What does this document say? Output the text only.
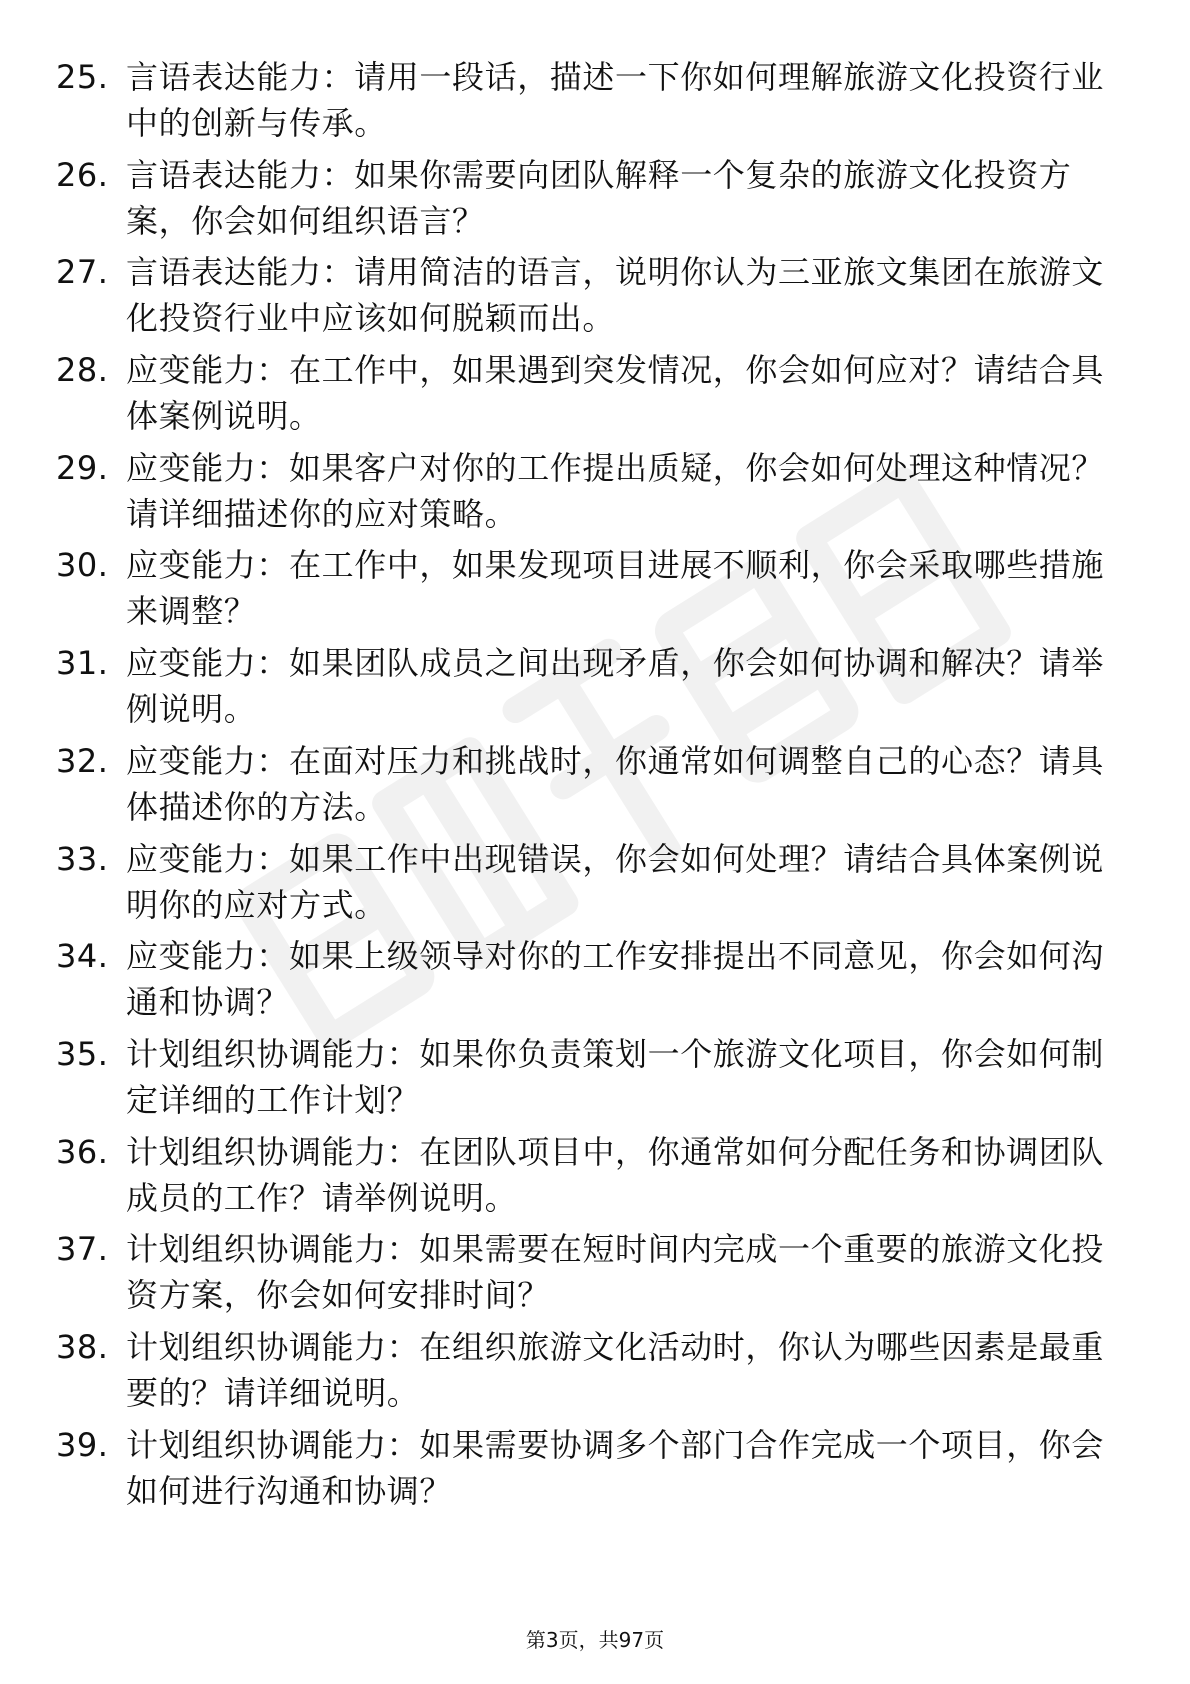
25. 言语表达能力：请用一段话，描述一下你如何理解旅游文化投资行业中的创新与传承。
26. 言语表达能力：如果你需要向团队解释一个复杂的旅游文化投资方案，你会如何组织语言？
27. 言语表达能力：请用简洁的语言，说明你认为三亚旅文集团在旅游文化投资行业中应该如何脱颖而出。
28. 应变能力：在工作中，如果遇到突发情况，你会如何应对？请结合具体案例说明。
29. 应变能力：如果客户对你的工作提出质疑，你会如何处理这种情况？请详细描述你的应对策略。
30. 应变能力：在工作中，如果发现项目进展不顺利，你会采取哪些措施来调整？
31. 应变能力：如果团队成员之间出现矛盾，你会如何协调和解决？请举例说明。
32. 应变能力：在面对压力和挑战时，你通常如何调整自己的心态？请具体描述你的方法。
33. 应变能力：如果工作中出现错误，你会如何处理？请结合具体案例说明你的应对方式。
34. 应变能力：如果上级领导对你的工作安排提出不同意见，你会如何沟通和协调？
35. 计划组织协调能力：如果你负责策划一个旅游文化项目，你会如何制定详细的工作计划？
36. 计划组织协调能力：在团队项目中，你通常如何分配任务和协调团队成员的工作？请举例说明。
37. 计划组织协调能力：如果需要在短时间内完成一个重要的旅游文化投资方案，你会如何安排时间？
38. 计划组织协调能力：在组织旅游文化活动时，你认为哪些因素是最重要的？请详细说明。
39. 计划组织协调能力：如果需要协调多个部门合作完成一个项目，你会如何进行沟通和协调？
第3页，共97页
